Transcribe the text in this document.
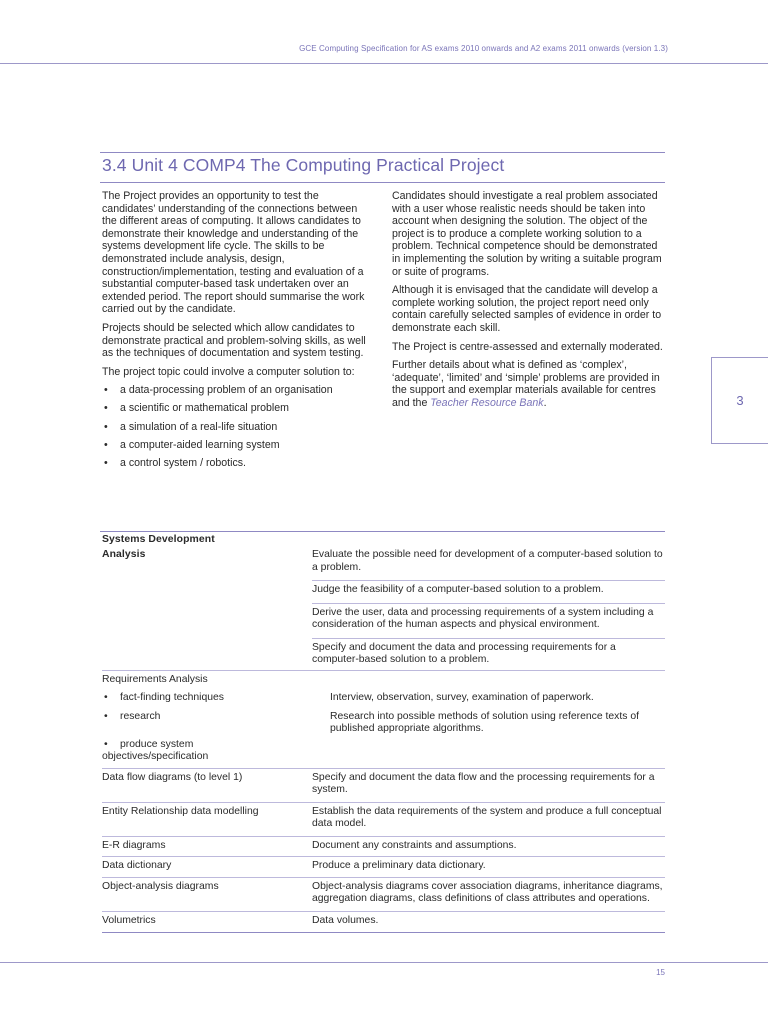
GCE Computing Specification for AS exams 2010 onwards and A2 exams 2011 onwards (version 1.3)
3.4 Unit 4 COMP4 The Computing Practical Project

The Project provides an opportunity to test the candidates’ understanding of the connections between the different areas of computing. It allows candidates to demonstrate their knowledge and understanding of the systems development life cycle. The skills to be demonstrated include analysis, design, construction/implementation, testing and evaluation of a substantial computer-based task undertaken over an extended period. The report should summarise the work carried out by the candidate.

Projects should be selected which allow candidates to demonstrate practical and problem-solving skills, as well as the techniques of documentation and system testing.

The project topic could involve a computer solution to:

• a data-processing problem of an organisation
• a scientific or mathematical problem
• a simulation of a real-life situation
• a computer-aided learning system
• a control system / robotics.

Candidates should investigate a real problem associated with a user whose realistic needs should be taken into account when designing the solution. The object of the project is to produce a complete working solution to a problem. Technical competence should be demonstrated in implementing the solution by writing a suitable program or suite of programs.

Although it is envisaged that the candidate will develop a complete working solution, the project report need only contain carefully selected samples of evidence in order to demonstrate each skill.

The Project is centre-assessed and externally moderated.

Further details about what is defined as ‘complex’, ‘adequate’, ‘limited’ and ‘simple’ problems are provided in the support and exemplar materials available for centres and the Teacher Resource Bank.	3
Systems Development
Analysis	Evaluate the possible need for development of a computer-based solution to a problem.
Judge the feasibility of a computer-based solution to a problem.
Derive the user, data and processing requirements of a system including a consideration of the human aspects and physical environment.
Specify and document the data and processing requirements for a computer-based solution to a problem.
Requirements Analysis
• fact-finding techniques	Interview, observation, survey, examination of paperwork.
• research	Research into possible methods of solution using reference texts of published appropriate algorithms.
• produce system
objectives/specification
Data flow diagrams (to level 1)	Specify and document the data flow and the processing requirements for a system.
Entity Relationship data modelling	Establish the data requirements of the system and produce a full conceptual data model.
E-R diagrams	Document any constraints and assumptions.
Data dictionary	Produce a preliminary data dictionary.
Object-analysis diagrams	Object-analysis diagrams cover association diagrams, inheritance diagrams, aggregation diagrams, class definitions of class attributes and operations.
Volumetrics	Data volumes.
15
